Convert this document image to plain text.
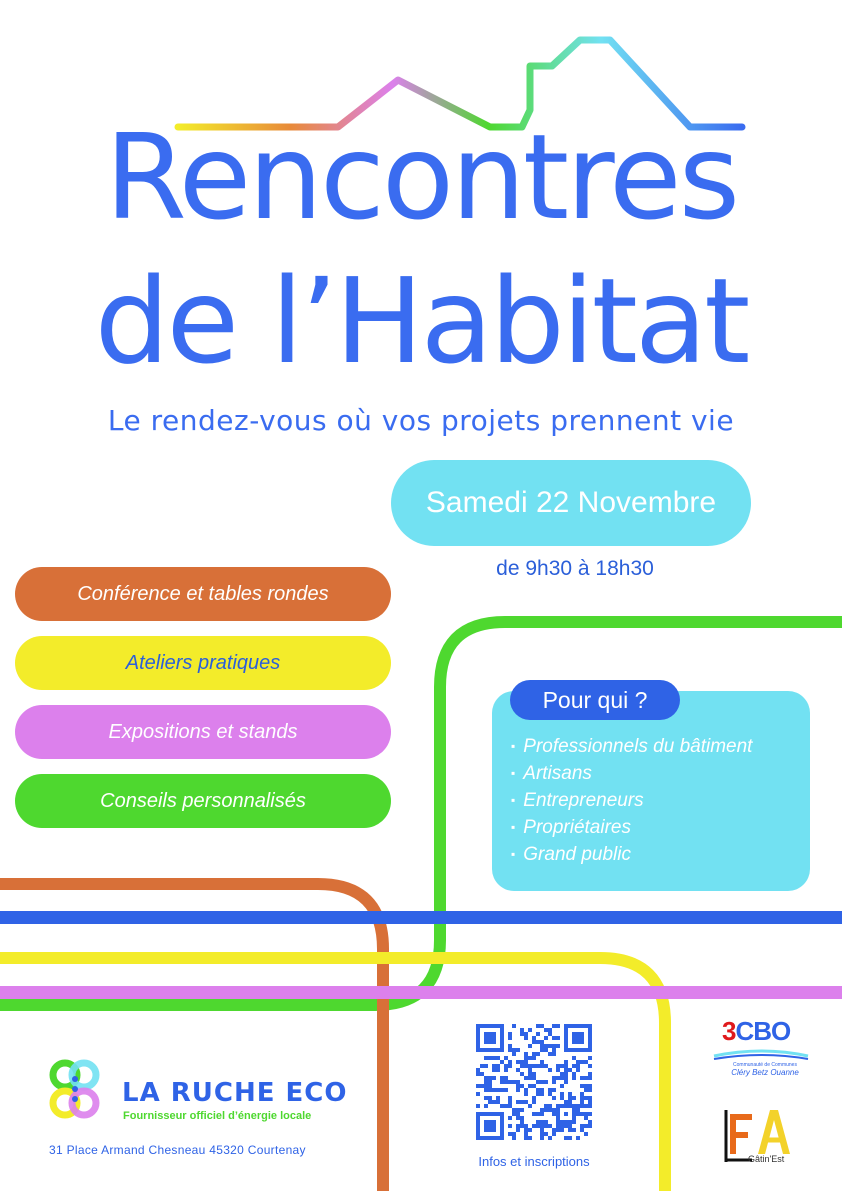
Rencontres
de l’Habitat
Le rendez-vous où vos projets prennent vie
Samedi 22 Novembre
de 9h30 à 18h30
Conférence et tables rondes
Ateliers pratiques
Expositions et stands
Conseils personnalisés
Pour qui ?
▪ Professionnels du bâtiment
▪ Artisans
▪ Entrepreneurs
▪ Propriétaires
▪ Grand public
LA RUCHE ECO
Fournisseur officiel d’énergie locale
31 Place Armand Chesneau 45320 Courtenay
Infos et inscriptions
3CBO
Communauté de Communes
Cléry Betz Ouanne
Gâtin'Est
